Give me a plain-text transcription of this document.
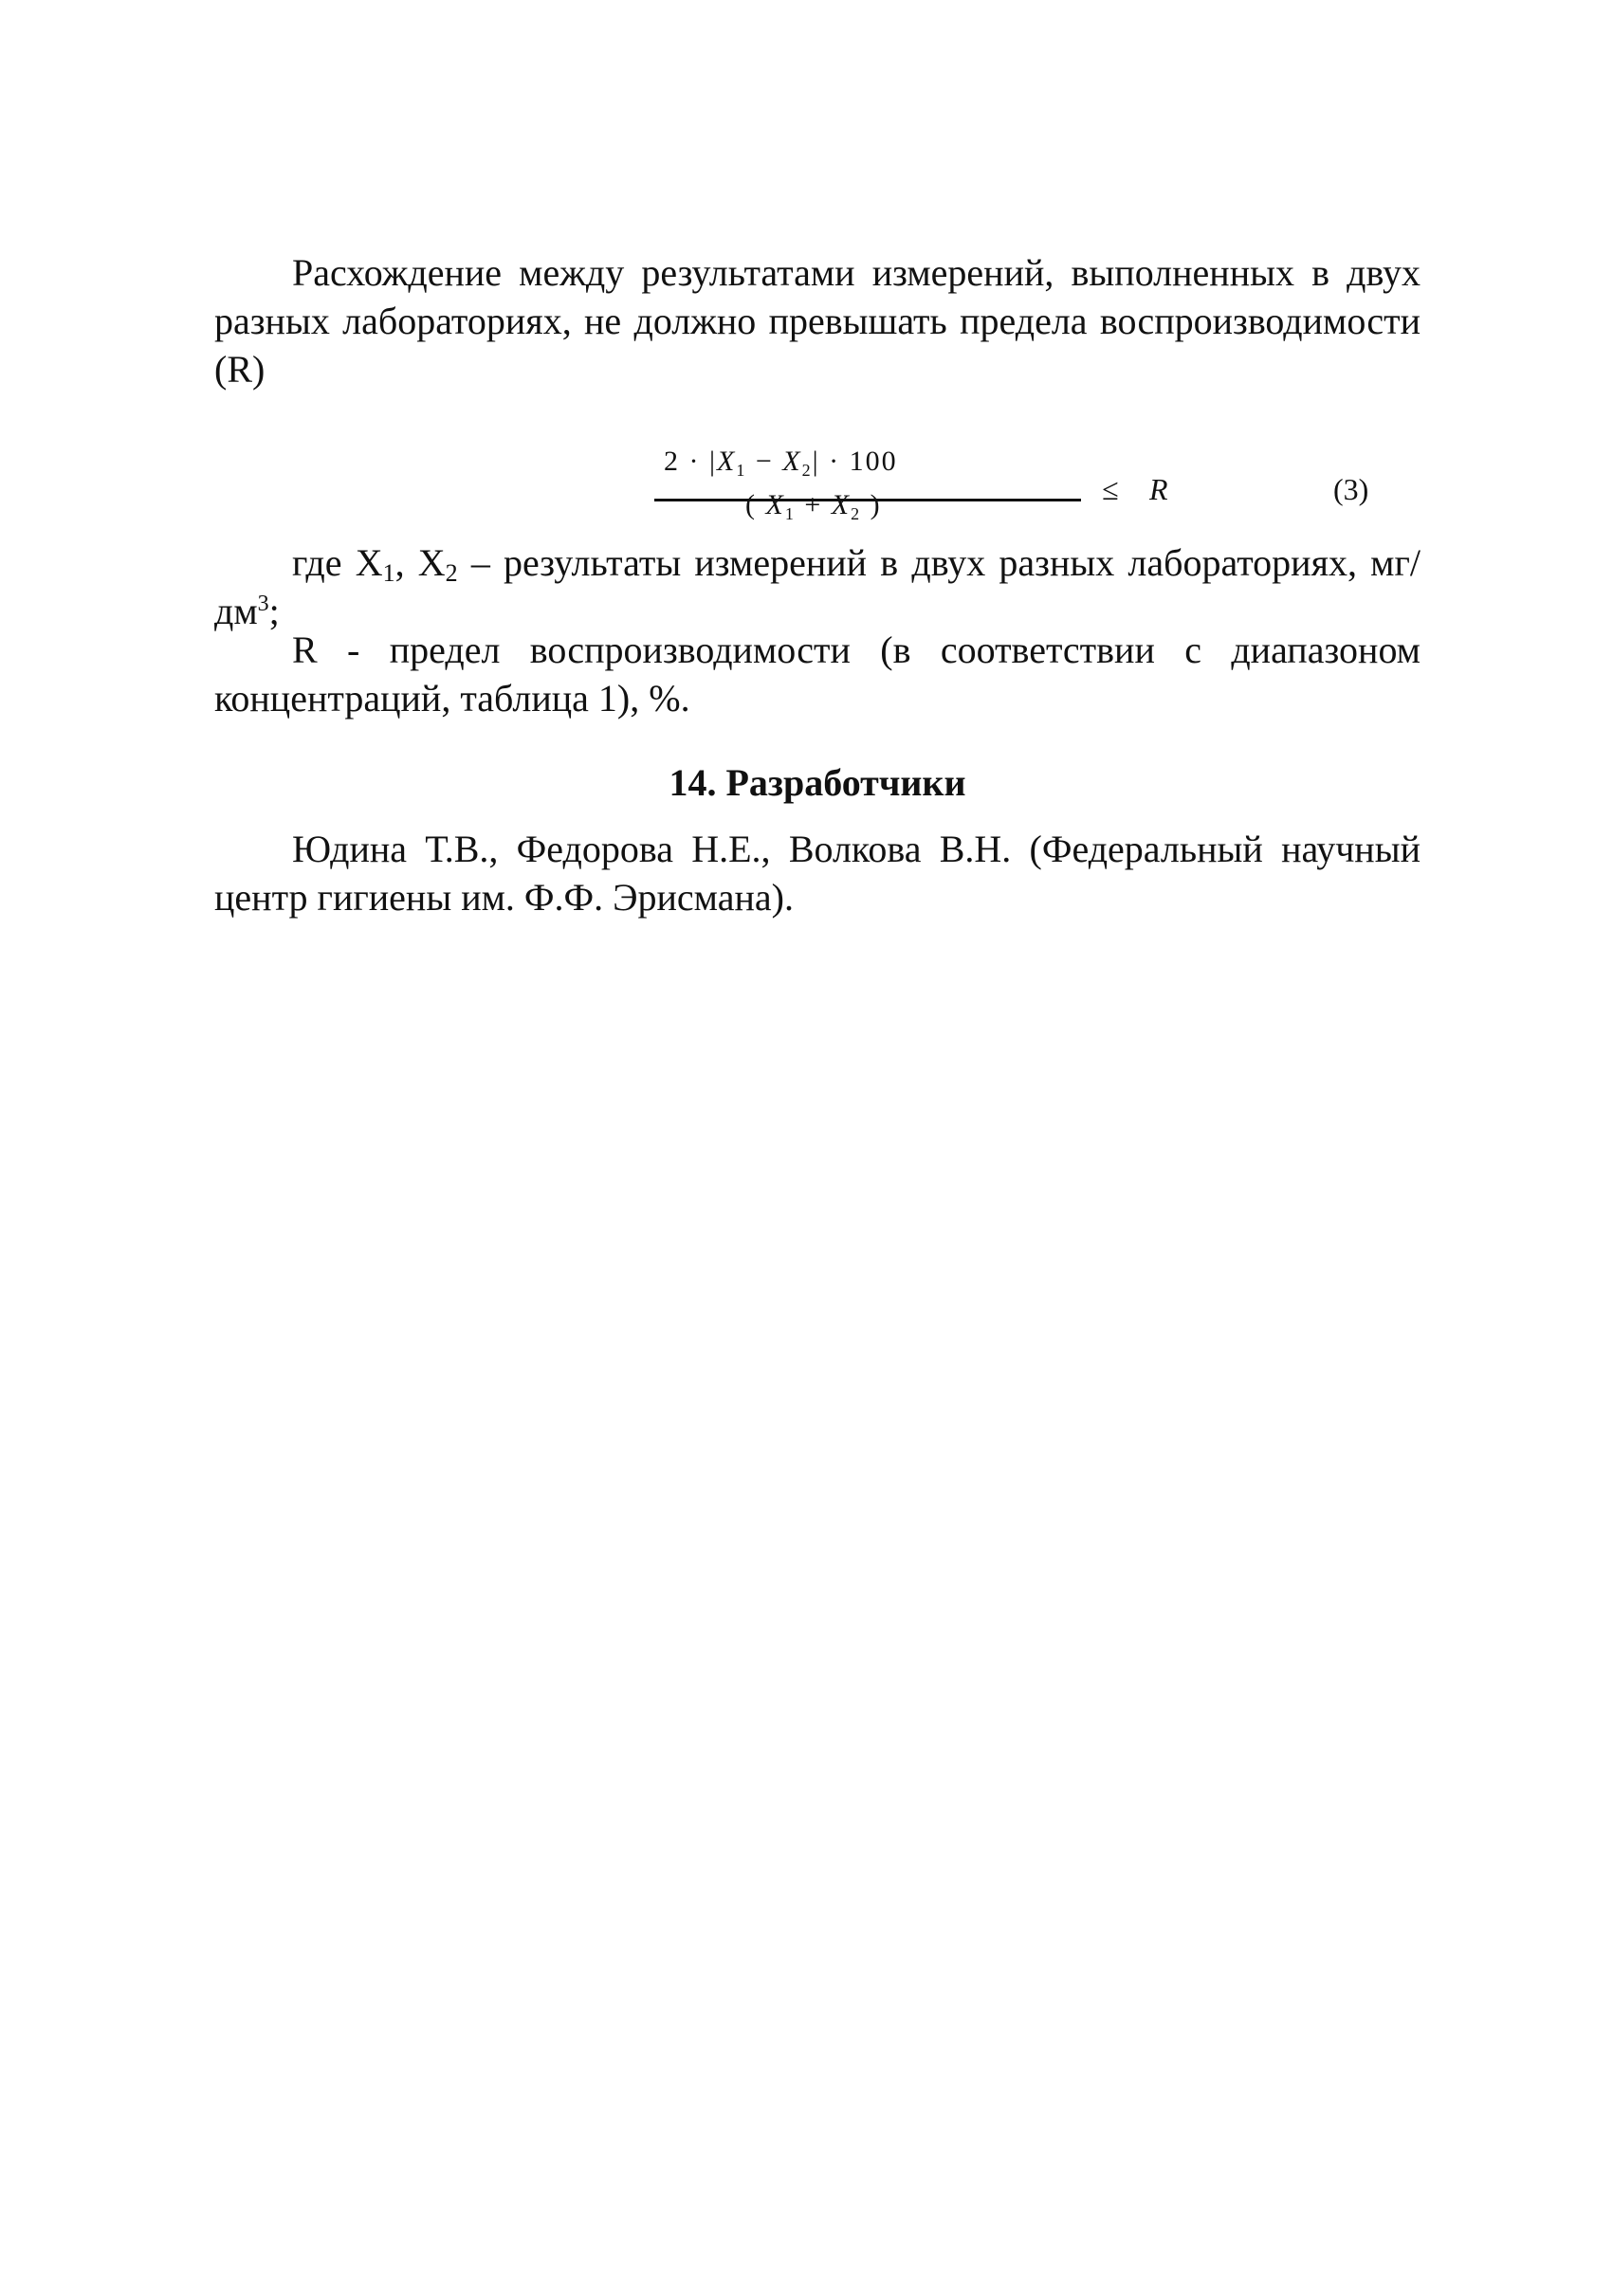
Расхождение между результатами измерений, выполненных в двух разных лабораториях, не должно превышать предела воспроизводимости (R)

$2 \cdot |X_1 - X_2| \cdot 100$
( $X_1 + X_2$ )	≤ R	(3)

где $X_1$, $X_2$ – результаты измерений в двух разных лабораториях, $мг/дм^3$;

R - предел воспроизводимости (в соответствии с диапазоном концентраций, таблица 1), %.

14. Разработчики

Юдина Т.В., Федорова Н.Е., Волкова В.Н. (Федеральный научный центр гигиены им. Ф.Ф. Эрисмана).
